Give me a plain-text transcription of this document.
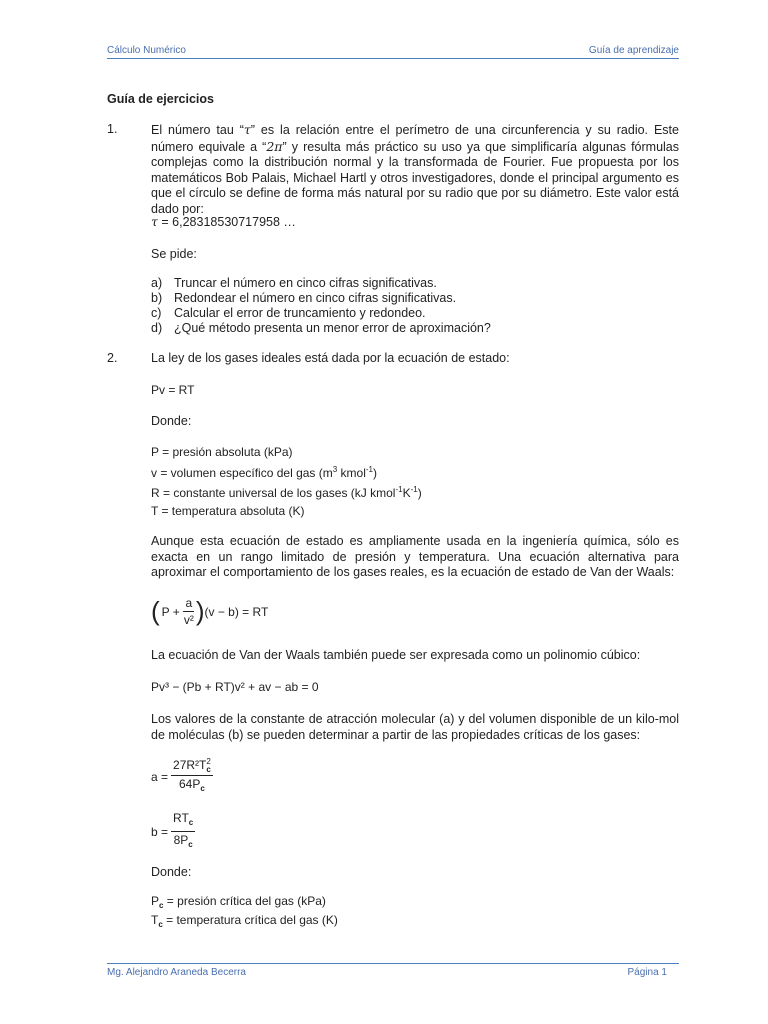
Cálculo Numérico	Guía de aprendizaje
Guía de ejercicios
1.	El número tau “τ” es la relación entre el perímetro de una circunferencia y su radio. Este número equivale a “2π” y resulta más práctico su uso ya que simplificaría algunas fórmulas complejas como la distribución normal y la transformada de Fourier. Fue propuesta por los matemáticos Bob Palais, Michael Hartl y otros investigadores, donde el principal argumento es que el círculo se define de forma más natural por su radio que por su diámetro. Este valor está dado por:
τ = 6,28318530717958 …
Se pide:
a) Truncar el número en cinco cifras significativas.
b) Redondear el número en cinco cifras significativas.
c) Calcular el error de truncamiento y redondeo.
d) ¿Qué método presenta un menor error de aproximación?
2.	La ley de los gases ideales está dada por la ecuación de estado:
Pv = RT
Donde:
P = presión absoluta (kPa)
v = volumen específico del gas ($m^3$ kmol$^{-1}$)
R = constante universal de los gases (kJ $kmol^{-1}K^{-1}$)
T = temperatura absoluta (K)
Aunque esta ecuación de estado es ampliamente usada en la ingeniería química, sólo es exacta en un rango limitado de presión y temperatura. Una ecuación alternativa para aproximar el comportamiento de los gases reales, es la ecuación de estado de Van der Waals:
( $P + \frac{a}{\text{v²}}$ ) (v − b) = RT
La ecuación de Van der Waals también puede ser expresada como un polinomio cúbico:
Pv³ − (Pb + RT)v² + av − ab = 0
Los valores de la constante de atracción molecular (a) y del volumen disponible de un kilo-mol de moléculas (b) se pueden determinar a partir de las propiedades críticas de los gases:
a = 27R²T 2
c
$64P_c$
$b = \frac{RT_c}{8P_c}$
Donde:
$P_c$ = presión crítica del gas (kPa)
$T_c$ = temperatura crítica del gas (K)
Mg. Alejandro Araneda Becerra	Página 1
